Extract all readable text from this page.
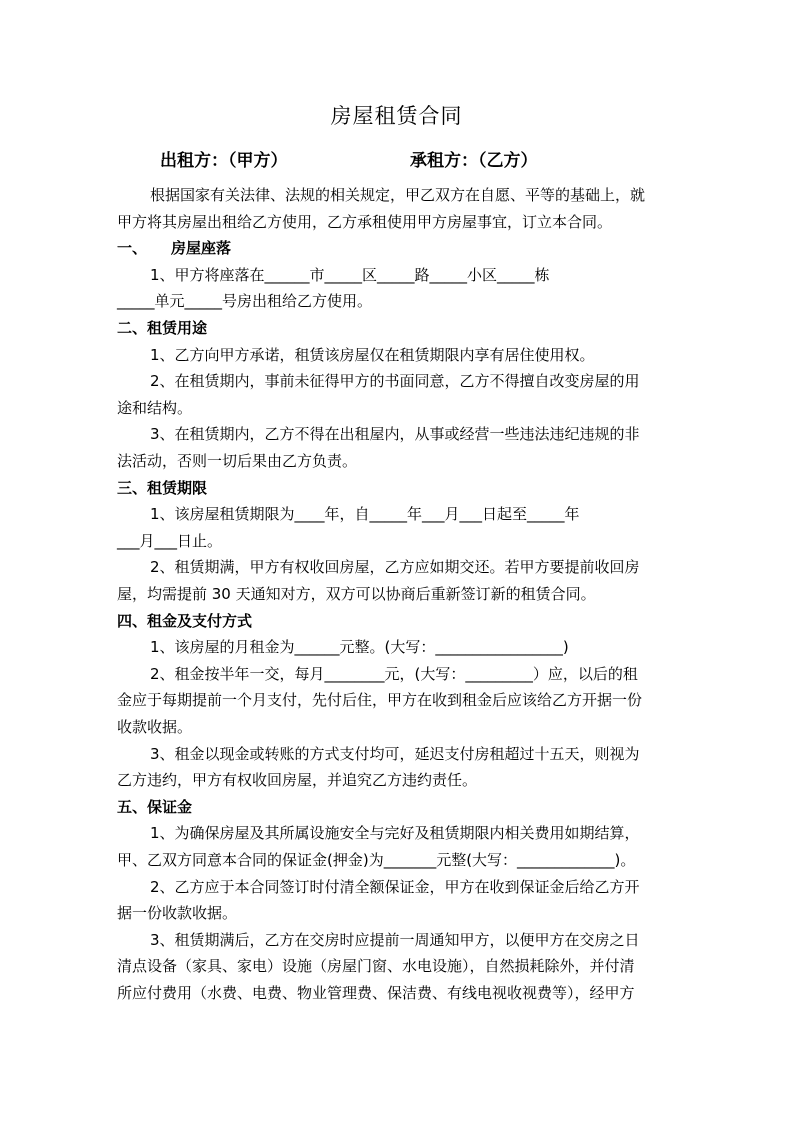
房屋租赁合同
出租方：（甲方）	承租方：（乙方）
根据国家有关法律、法规的相关规定，甲乙双方在自愿、平等的基础上，就
甲方将其房屋出租给乙方使用，乙方承租使用甲方房屋事宜，订立本合同。
一、 房屋座落
1、甲方将座落在______市_____区_____路_____小区_____栋
_____单元_____号房出租给乙方使用。
二、租赁用途
1、乙方向甲方承诺，租赁该房屋仅在租赁期限内享有居住使用权。
2、在租赁期内，事前未征得甲方的书面同意，乙方不得擅自改变房屋的用
途和结构。
3、在租赁期内，乙方不得在出租屋内，从事或经营一些违法违纪违规的非
法活动，否则一切后果由乙方负责。
三、租赁期限
1、该房屋租赁期限为____年，自_____年___月___日起至_____年
___月___日止。
2、租赁期满，甲方有权收回房屋，乙方应如期交还。若甲方要提前收回房
屋，均需提前 30 天通知对方，双方可以协商后重新签订新的租赁合同。
四、租金及支付方式
1、该房屋的月租金为______元整。(大写：_________________)
2、租金按半年一交，每月________元，(大写：_________）应，以后的租
金应于每期提前一个月支付，先付后住，甲方在收到租金后应该给乙方开据一份
收款收据。
3、租金以现金或转账的方式支付均可，延迟支付房租超过十五天，则视为
乙方违约，甲方有权收回房屋，并追究乙方违约责任。
五、保证金
1、为确保房屋及其所属设施安全与完好及租赁期限内相关费用如期结算，
甲、乙双方同意本合同的保证金(押金)为_______元整(大写：_____________)。
2、乙方应于本合同签订时付清全额保证金，甲方在收到保证金后给乙方开
据一份收款收据。
3、租赁期满后，乙方在交房时应提前一周通知甲方，以便甲方在交房之日
清点设备（家具、家电）设施（房屋门窗、水电设施），自然损耗除外，并付清
所应付费用（水费、电费、物业管理费、保洁费、有线电视收视费等），经甲方
